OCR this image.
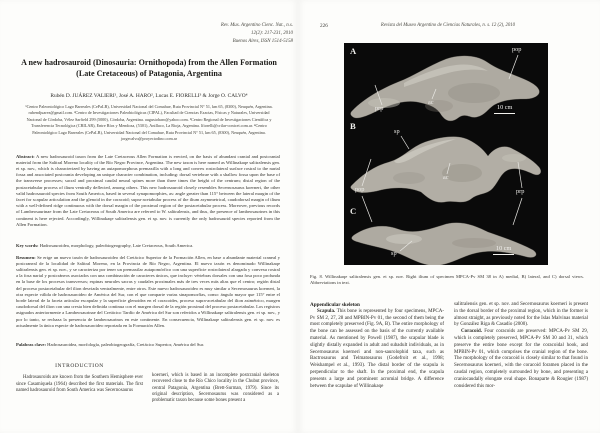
Rev. Mus. Argentino Cienc. Nat., n.s.
12(2): 217-231, 2010
Buenos Aires, ISSN 1514-5158
A new hadrosauroid (Dinosauria: Ornithopoda) from the Allen Formation (Late Cretaceous) of Patagonia, Argentina
Rubén D. JUÁREZ VALIERI¹, José A. HARO², Lucas E. FIORELLI³ & Jorge O. CALVO⁴
¹Centro Paleontológico Lago Barreales (CePaLB), Universidad Nacional del Comahue, Ruta Provincial N° 51, km 65, (8300), Neuquén, Argentina. rubendjuarez@gmail.com. ²Centro de Investigaciones Paleobiológicas (CIPAL), Facultad de Ciencias Exactas, Físicas y Naturales, Universidad Nacional de Córdoba, Vélez Sarfield 299 (5000), Córdoba, Argentina. augustoharo@yahoo.com. ³Centro Regional de Investigaciones Científica y Transferencia Tecnológica (CRILAR), Entre Ríos y Mendoza, (5301), Anillaco, La Rioja, Argentina. lfiorelli@crilar-conicet.com.ar. ⁴Centro Paleontológico Lago Barreales (CePaLB), Universidad Nacional del Comahue, Ruta Provincial N° 51, km 65, (8300), Neuquén, Argentina. jorgecalvo@proyectodino.com.ar

Abstract: A new hadrosauroid taxon from the Late Cretaceous Allen Formation is erected, on the basis of abundant cranial and postcranial material from the Salitral Moreno locality of the Río Negro Province, Argentina. The new taxon is here named as Willinakaqe salitralensis gen. et sp. nov., which is characterized by having an autapomorphous premaxilla with a long and convex rostrolateral surface rostral to the narial fossa and associated postcrania developing an unique character combination, including: dorsal vertebrae with a shallow fossa upon the base of the transverse processes; sacral and proximal caudal neural spines more than three times the height of the centrum; distal region of the postacetabular process of ilium ventrally deflected, among others. This new hadrosauroid closely resembles Secernosaurus koerneri, the other valid hadrosauroid species from South America, based in several synapomorphies, as: angle greater than 115° between the lateral margin of the facet for scapular articulation and the glenoid in the coracoid; supra-acetabular process of the ilium asymmetrical, caudodorsal margin of ilium with a well-defined ridge continuous with the dorsal margin of the proximal region of the postacetabular process. Moreover, previous records of Lambeosaurinae from the Late Cretaceous of South America are referred to W. salitralensis, and thus, the presence of lambeosaurines in this continent is here rejected. Accordingly, Willinakaqe salitralensis gen. et sp. nov. is currently the only hadrosaurid species reported from the Allen Formation.

Key words: Hadrosauroidea, morphology, paleobiogeography, Late Cretaceous, South America.

Resumen: Se erige un nuevo taxón de hadrosauroideo del Cretácico Superior de la Formación Allen, en base a abundante material craneal y postcraneal de la localidad de Salitral Moreno, en la Provincia de Río Negro, Argentina. El nuevo taxón es denominado Willinakaqe salitralensis gen. et sp. nov., y se caracteriza por tener un premaxilar autapomórfico con una superficie rostrolateral alargada y convexa rostral a la fosa narial y postcráneos asociados con una combinación de caracteres únicos, que incluye: vértebras dorsales con una fosa poco profunda en la base de los procesos transversos; espinas neurales sacras y caudales proximales más de tres veces más altas que el centro; región distal del proceso postacetabular del ilion desviada ventralmente, entre otros. Este nuevo hadrosauroideo es muy similar a Secernosaurus koerneri, la otra especie válida de hadrosauroideo de América del Sur, con el que comparte varias sinapomorfías, como: ángulo mayor que 115° entre el borde lateral de la faceta articular escapular y la superficie glenoidea en el coracoides, proceso supra-acetabular del ilion asimétrico, margen caudodorsal del ilion con una cresta bien definida continua con el margen dorsal de la región proximal del proceso postacetabular. Los registros asignados anteriormente a Lambeosaurinae del Cretácico Tardío de América del Sur son referidos a Willinakaqe salitralensis gen. et sp. nov., y por lo tanto, se rechaza la presencia de lambeosaurinos en este continente. En consecuencia, Willinakaqe salitralensis gen. et sp. nov. es actualmente la única especie de hadrosauroideo reportada en la Formación Allen.

Palabras clave: Hadrosauroidea, morfología, paleobiogeografía, Cretácico Superior, América del Sur.

INTRODUCTION

Hadrosauroids are known from the Southern Hemisphere ever since Casamiquela (1964) described the first materials. The first named hadrosauroid from South America was Secernosaurus

koerneri, which is based in an incomplete postcranial skeleton recovered close to the Río Chico locality in the Chubut province, central Patagonia, Argentina (Brett-Surman, 1979). Since its original description, Secernosaurus was considered as a problematic taxon because some bones present a

226	Revista del Museo Argentino de Ciencias Naturales, n. s. 12 (2), 2010
A
B
C
pop
prp
ac
sp
ac
pop	prp
sp
10 cm
10 cm
Fig. 8. Willinakaqe salitralensis gen. et sp. nov. Right ilium of specimen MPCA-Pv SM 38 in A) medial, B) lateral, and C) dorsal views. Abbreviations in text.

Appendicular skeleton

Scapula. This bone is represented by four specimens, MPCA-Pv SM 2, 27, 28 and MPBIN-Pv 01, the second of them being the most completely preserved (Fig. 9A, B). The entire morphology of the bone can be assessed on the basis of the currently available material. As mentioned by Powell (1987), the scapular blade is slightly distally expanded in adult and subadult individuals, as in Secernosaurus koerneri and non-saurolophid taxa, such as Bactrosaurus and Telmatosaurus (Godefroit et al., 1998; Weishampel et al., 1993). The distal border of the scapula is perpendicular to the shaft. In the proximal end, the scapula presents a large and prominent acromial bridge. A difference between the scapulae of Willinakaqe

salitralensis gen. et sp. nov. and Secernosaurus koerneri is present in the dorsal border of the proximal region, which in the former is almost straight, as previously noted for the Islas Malvinas material by González Riga & Casadío (2000).

Coracoid. Four coracoids are preserved: MPCA-Pv SM 29, which is completely preserved, MPCA-Pv SM 30 and 31, which preserve the entire bone except for the coracoidal hook, and MPBIN-Pv 01, which comprises the cranial region of the bone. The morphology of the coracoid is closely similar to that found in Secernosaurus koerneri, with the coracoid foramen placed in the caudal region, completely surrounded by bone, and presenting a craniocaudally elongate oval shape. Bonaparte & Rougier (1987) considered this mor-
